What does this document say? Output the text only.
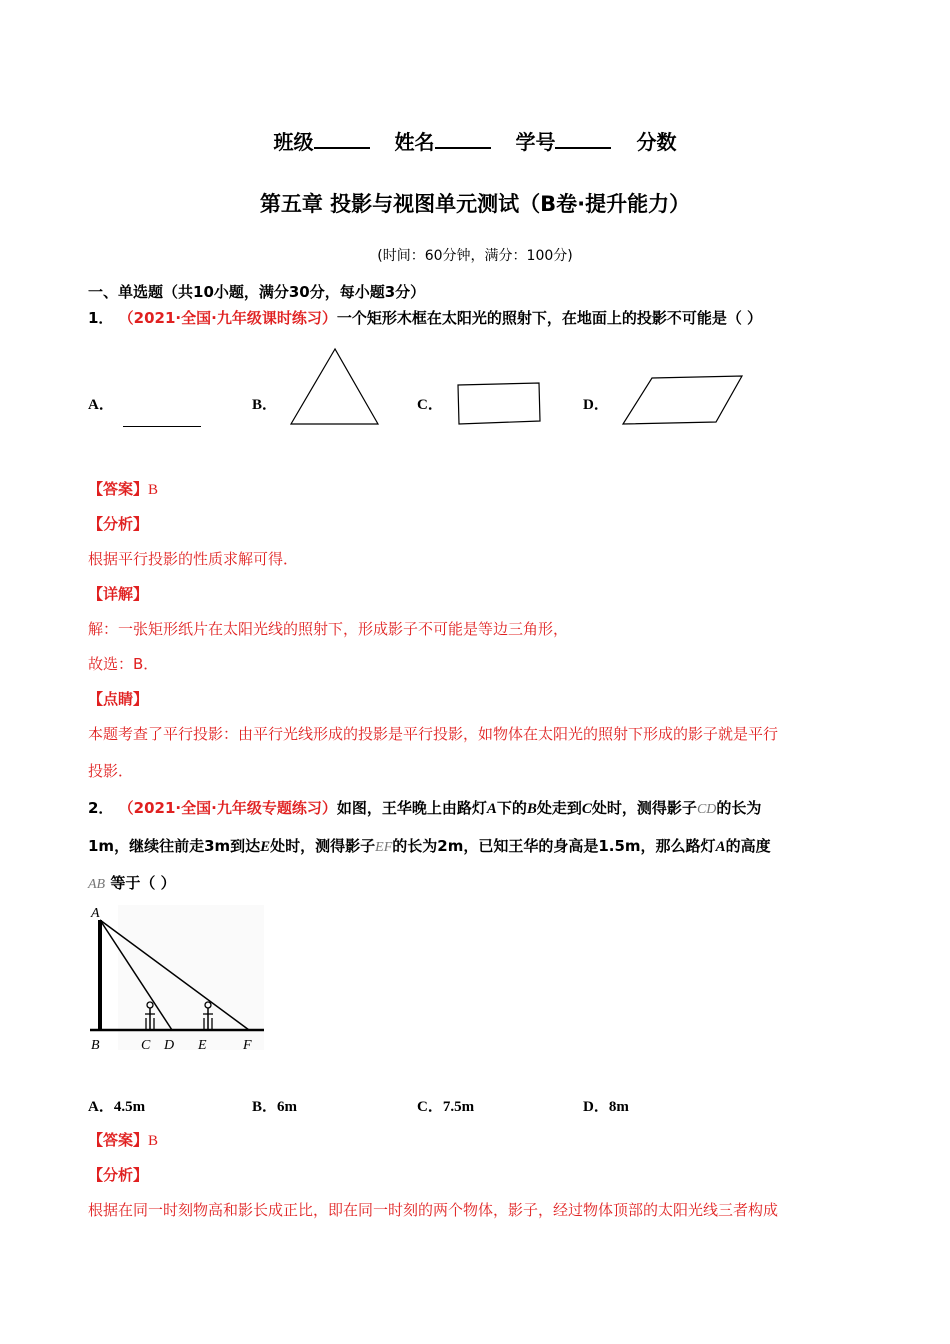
班级	姓名	学号	分数
第五章 投影与视图单元测试（B卷·提升能力）
(时间：60分钟，满分：100分)
一、单选题（共10小题，满分30分，每小题3分）
1． （2021·全国·九年级课时练习）一个矩形木框在太阳光的照射下，在地面上的投影不可能是（ ）
A．	B．	C．	D．
【答案】B
【分析】
根据平行投影的性质求解可得．
【详解】
解：一张矩形纸片在太阳光线的照射下，形成影子不可能是等边三角形，
故选：B．
【点睛】
本题考查了平行投影：由平行光线形成的投影是平行投影，如物体在太阳光的照射下形成的影子就是平行
投影．
2． （2021·全国·九年级专题练习）如图，王华晚上由路灯A下的B处走到C处时，测得影子CD的长为
1m，继续往前走3m到达E处时，测得影子EF的长为2m，已知王华的身高是1.5m，那么路灯A的高度
AB 等于（ ）
A
B	C D E	F
A．4.5m	B．6m	C．7.5m	D．8m
【答案】B
【分析】
根据在同一时刻物高和影长成正比，即在同一时刻的两个物体，影子，经过物体顶部的太阳光线三者构成
